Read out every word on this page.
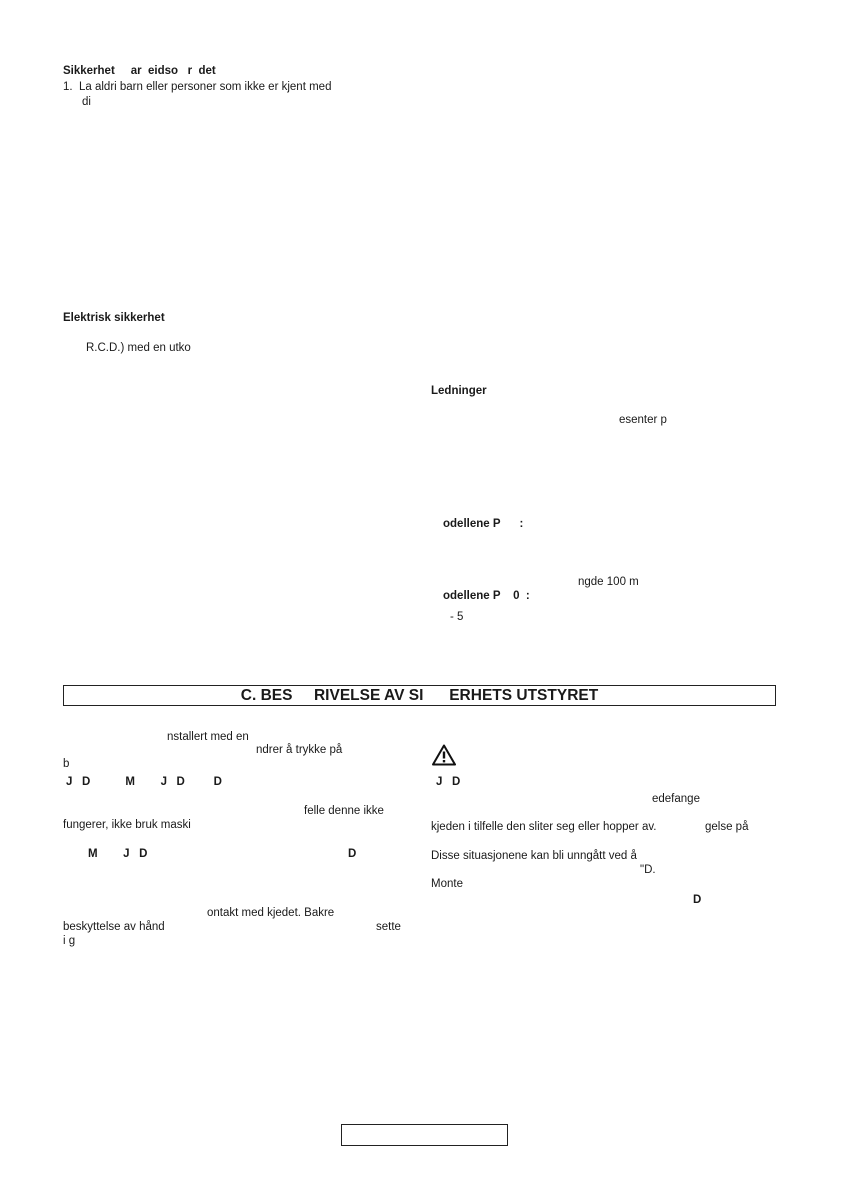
Sikkerhet     ar  eidso   r  det
1.  La aldri barn eller personer som ikke er kjent med
di
Elektrisk sikkerhet
R.C.D.) med en utko
Ledninger
esenter p
odellene P      :
ngde 100 m
odellene P    0  :
- 5
C. BES     RIVELSE AV SI      ERHETS UTSTYRET
nstallert med en
ndrer å trykke på
b
J   D           M        J   D         D
felle denne ikke
fungerer, ikke bruk maski
M        J   D	D
ontakt med kjedet. Bakre
beskyttelse av hånd	sette
i g
J   D
edefange
kjeden i tilfelle den sliter seg eller hopper av.	gelse på
Disse situasjonene kan bli unngått ved å
"D.
Monte
D
